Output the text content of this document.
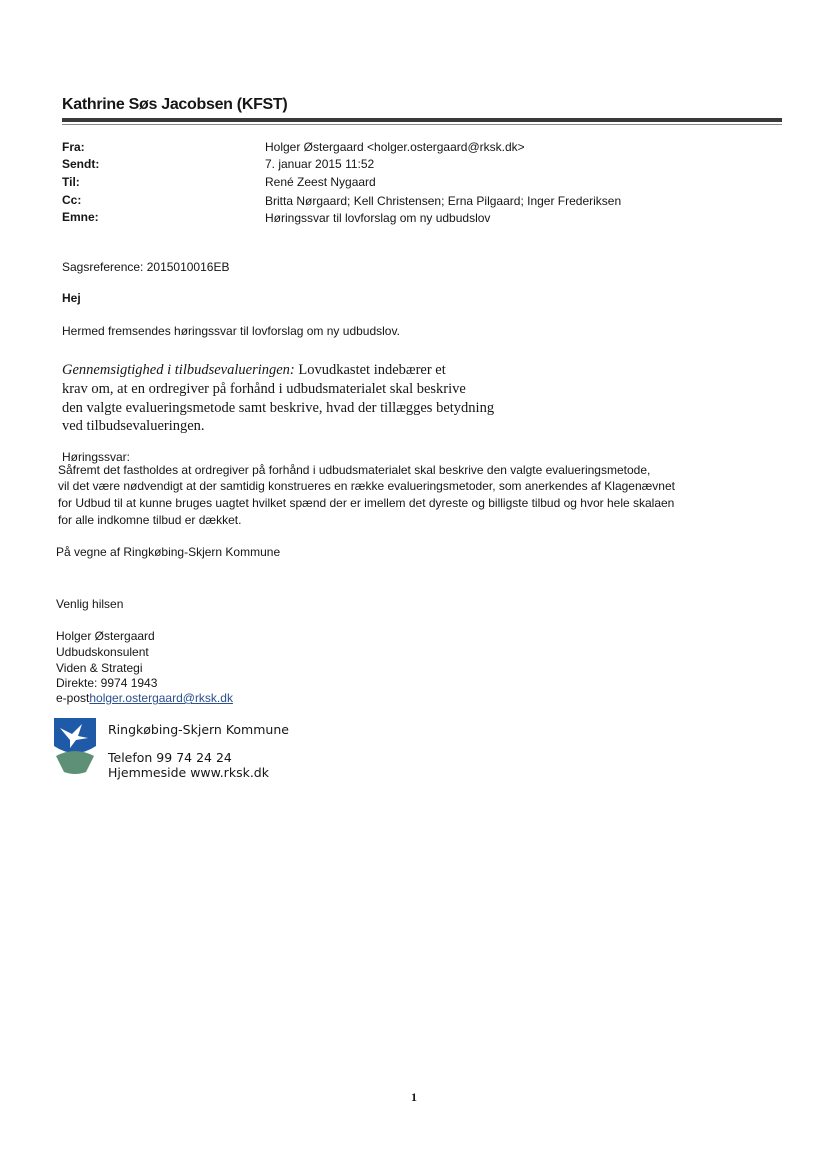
Kathrine Søs Jacobsen (KFST)
Fra:	Holger Østergaard <holger.ostergaard@rksk.dk>
Sendt:	7. januar 2015 11:52
Til:	René Zeest Nygaard
Cc:	Britta Nørgaard; Kell Christensen; Erna Pilgaard; Inger Frederiksen
Emne:	Høringssvar til lovforslag om ny udbudslov
Sagsreference: 2015010016EB
Hej
Hermed fremsendes høringssvar til lovforslag om ny udbudslov.
Gennemsigtighed i tilbudsevalueringen: Lovudkastet indebærer et
krav om, at en ordregiver på forhånd i udbudsmaterialet skal beskrive
den valgte evalueringsmetode samt beskrive, hvad der tillægges betydning
ved tilbudsevalueringen.
Høringssvar:
Såfremt det fastholdes at ordregiver på forhånd i udbudsmaterialet skal beskrive den valgte evalueringsmetode,
vil det være nødvendigt at der samtidig konstrueres en række evalueringsmetoder, som anerkendes af Klagenævnet
for Udbud til at kunne bruges uagtet hvilket spænd der er imellem det dyreste og billigste tilbud og hvor hele skalaen
for alle indkomne tilbud er dækket.
På vegne af Ringkøbing-Skjern Kommune
Venlig hilsen
Holger Østergaard
Udbudskonsulent
Viden & Strategi
Direkte: 9974 1943
e-postholger.ostergaard@rksk.dk
Ringkøbing-Skjern Kommune
Telefon 99 74 24 24
Hjemmeside www.rksk.dk
1
